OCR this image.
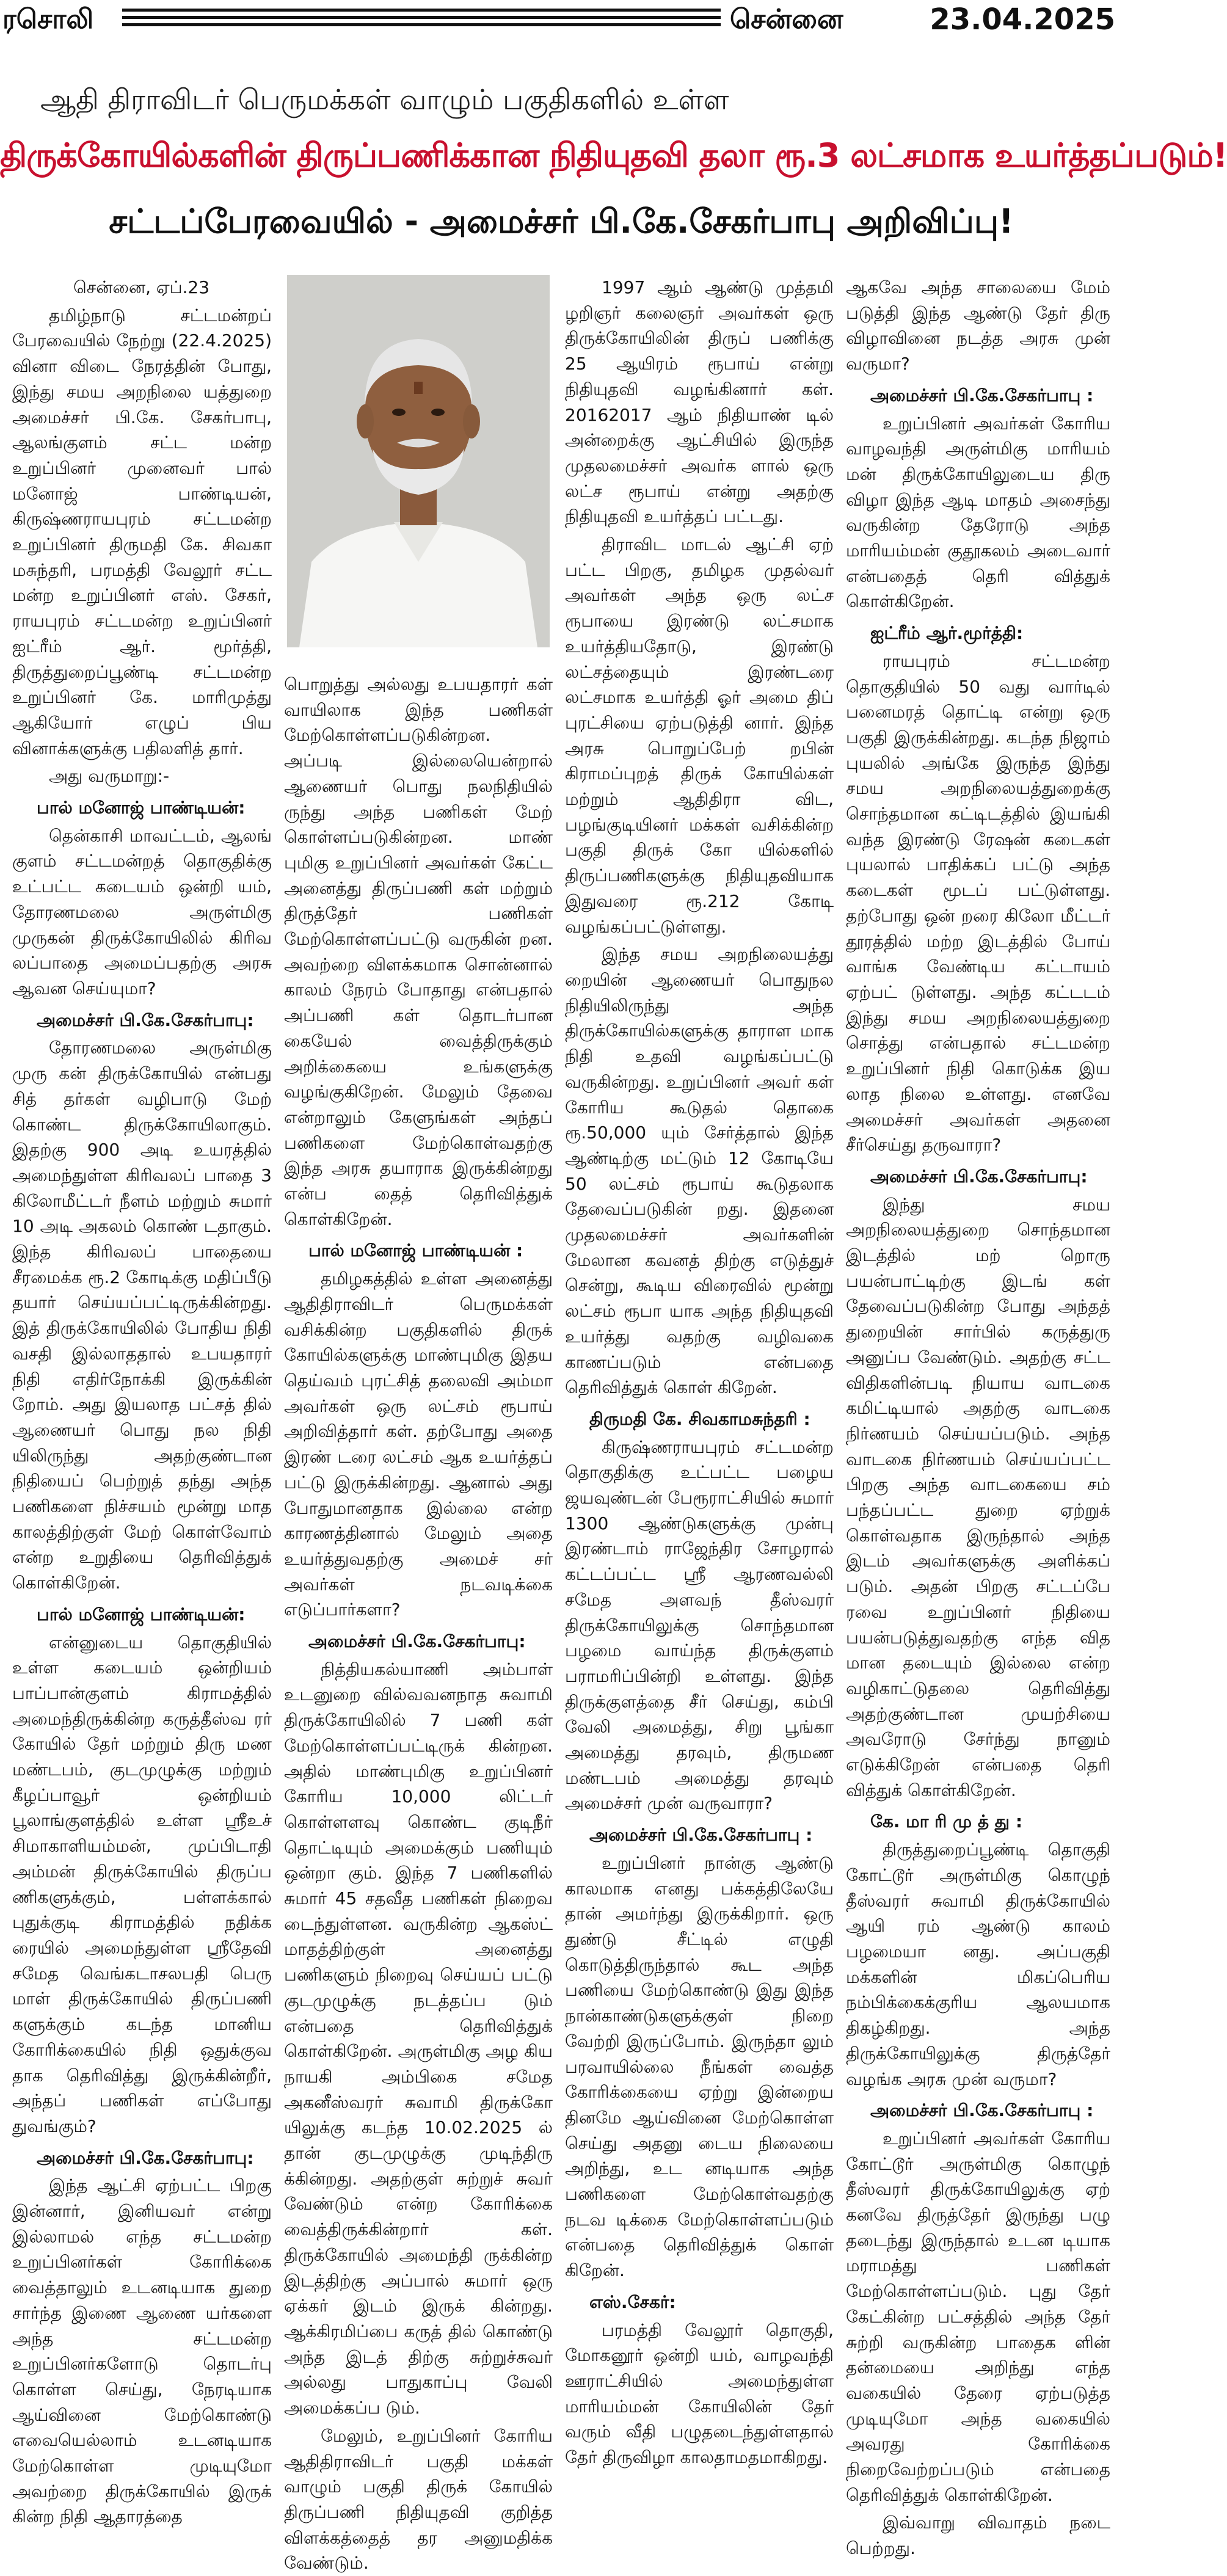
ரசொலி	சென்னை	23.04.2025
ஆதி திராவிடர் பெருமக்கள் வாழும் பகுதிகளில் உள்ள
திருக்கோயில்களின் திருப்பணிக்கான நிதியுதவி தலா ரூ.3 லட்சமாக உயர்த்தப்படும்!
சட்டப்பேரவையில் - அமைச்சர் பி.கே.சேகர்பாபு அறிவிப்பு!

சென்னை, ஏப்.23

தமிழ்நாடு சட்டமன்றப் பேரவையில் நேற்று (22.4.2025) வினா விடை நேரத்தின் போது, இந்து சமய அறநிலை யத்துறை அமைச்சர் பி.கே. சேகர்பாபு, ஆலங்குளம் சட்ட மன்ற உறுப்பினர் முனைவர் பால் மனோஜ் பாண்டியன், கிருஷ்ணராயபுரம் சட்டமன்ற உறுப்பினர் திருமதி கே. சிவகா மசுந்தரி, பரமத்தி வேலூர் சட்ட மன்ற உறுப்பினர் எஸ். சேகர், ராயபுரம் சட்டமன்ற உறுப்பினர் ஐட்ரீம் ஆர். மூர்த்தி, திருத்துறைப்பூண்டி சட்டமன்ற உறுப்பினர் கே. மாரிமுத்து ஆகியோர் எழுப் பிய வினாக்களுக்கு பதிலளித் தார்.

அது வருமாறு:-

பால் மனோஜ் பாண்டியன்:

தென்காசி மாவட்டம், ஆலங் குளம் சட்டமன்றத் தொகுதிக்கு உட்பட்ட கடையம் ஒன்றி யம், தோரணமலை அருள்மிகு முருகன் திருக்கோயிலில் கிரிவ லப்பாதை அமைப்பதற்கு அரசு ஆவன செய்யுமா?

அமைச்சர் பி.கே.சேகர்பாபு:

தோரணமலை அருள்மிகு முரு கன் திருக்கோயில் என்பது சித் தர்கள் வழிபாடு மேற் கொண்ட திருக்கோயிலாகும். இதற்கு 900 அடி உயரத்தில் அமைந்துள்ள கிரிவலப் பாதை 3 கிலோமீட்டர் நீளம் மற்றும் சுமார் 10 அடி அகலம் கொண் டதாகும். இந்த கிரிவலப் பாதையை சீரமைக்க ரூ.2 கோடிக்கு மதிப்பீடு தயார் செய்யப்பட்டிருக்கின்றது. இத் திருக்கோயிலில் போதிய நிதி வசதி இல்லாததால் உபயதாரர் நிதி எதிர்நோக்கி இருக்கின் றோம். அது இயலாத பட்சத் தில் ஆணையர் பொது நல நிதி யிலிருந்து அதற்குண்டான நிதியைப் பெற்றுத் தந்து அந்த பணிகளை நிச்சயம் மூன்று மாத காலத்திற்குள் மேற் கொள்வோம் என்ற உறுதியை தெரிவித்துக் கொள்கிறேன்.

பால் மனோஜ் பாண்டியன்:

என்னுடைய தொகுதியில் உள்ள கடையம் ஒன்றியம் பாப்பான்குளம் கிராமத்தில் அமைந்திருக்கின்ற கருத்தீஸ்வ ரர் கோயில் தேர் மற்றும் திரு மண மண்டபம், குடமுழுக்கு மற்றும் கீழப்பாவூர் ஒன்றியம் பூலாங்குளத்தில் உள்ள ஸ்ரீஉச் சிமாகாளியம்மன், முப்பிடாதி அம்மன் திருக்கோயில் திருப்ப ணிகளுக்கும், பள்ளக்கால் புதுக்குடி கிராமத்தில் நதிக்க ரையில் அமைந்துள்ள ஸ்ரீதேவி சமேத வெங்கடாசலபதி பெரு மாள் திருக்கோயில் திருப்பணி களுக்கும் கடந்த மானிய கோரிக்கையில் நிதி ஒதுக்குவ தாக தெரிவித்து இருக்கின்றீர், அந்தப் பணிகள் எப்போது துவங்கும்?

அமைச்சர் பி.கே.சேகர்பாபு:

இந்த ஆட்சி ஏற்பட்ட பிறகு இன்னார், இனியவர் என்று இல்லாமல் எந்த சட்டமன்ற உறுப்பினர்கள் கோரிக்கை வைத்தாலும் உடனடியாக துறை சார்ந்த இணை ஆணை யர்களை அந்த சட்டமன்ற உறுப்பினர்களோடு தொடர்பு கொள்ள செய்து, நேரடியாக ஆய்வினை மேற்கொண்டு எவையெல்லாம் உடனடியாக மேற்கொள்ள முடியுமோ அவற்றை திருக்கோயில் இருக் கின்ற நிதி ஆதாரத்தை

பொறுத்து அல்லது உபயதாரர் கள் வாயிலாக இந்த பணிகள் மேற்கொள்ளப்படுகின்றன. அப்படி இல்லையென்றால் ஆணையர் பொது நலநிதியில் ருந்து அந்த பணிகள் மேற் கொள்ளப்படுகின்றன. மாண் புமிகு உறுப்பினர் அவர்கள் கேட்ட அனைத்து திருப்பணி கள் மற்றும் திருத்தேர் பணிகள் மேற்கொள்ளப்பட்டு வருகின் றன. அவற்றை விளக்கமாக சொன்னால் காலம் நேரம் போதாது என்பதால் அப்பணி கள் தொடர்பான கையேல் வைத்திருக்கும் அறிக்கையை உங்களுக்கு வழங்குகிறேன். மேலும் தேவை என்றாலும் கேளுங்கள் அந்தப் பணிகளை மேற்கொள்வதற்கு இந்த அரசு தயாராக இருக்கின்றது என்ப தைத் தெரிவித்துக் கொள்கிறேன்.

பால் மனோஜ் பாண்டியன் :

தமிழகத்தில் உள்ள அனைத்து ஆதிதிராவிடர் பெருமக்கள் வசிக்கின்ற பகுதிகளில் திருக் கோயில்களுக்கு மாண்புமிகு இதய தெய்வம் புரட்சித் தலைவி அம்மா அவர்கள் ஒரு லட்சம் ரூபாய் அறிவித்தார் கள். தற்போது அதை இரண் டரை லட்சம் ஆக உயர்த்தப் பட்டு இருக்கின்றது. ஆனால் அது போதுமானதாக இல்லை என்ற காரணத்தினால் மேலும் அதை உயர்த்துவதற்கு அமைச் சர் அவர்கள் நடவடிக்கை எடுப்பார்களா?

அமைச்சர் பி.கே.சேகர்பாபு:

நித்தியகல்யாணி அம்பாள் உடனுறை வில்வவனநாத சுவாமி திருக்கோயிலில் 7 பணி கள் மேற்கொள்ளப்பட்டிருக் கின்றன. அதில் மாண்புமிகு உறுப்பினர் கோரிய 10,000 லிட்டர் கொள்ளளவு கொண்ட குடிநீர் தொட்டியும் அமைக்கும் பணியும் ஒன்றா கும். இந்த 7 பணிகளில் சுமார் 45 சதவீத பணிகள் நிறைவ டைந்துள்ளன. வருகின்ற ஆகஸ்ட் மாதத்திற்குள் அனைத்து பணிகளும் நிறைவு செய்யப் பட்டு குடமுழுக்கு நடத்தப்ப டும் என்பதை தெரிவித்துக் கொள்கிறேன். அருள்மிகு அழ கிய நாயகி அம்பிகை சமேத அகனீஸ்வரர் சுவாமி திருக்கோ யிலுக்கு கடந்த 10.02.2025 ல் தான் குடமுழுக்கு முடிந்திரு க்கின்றது. அதற்குள் சுற்றுச் சுவர் வேண்டும் என்ற கோரிக்கை வைத்திருக்கின்றார் கள். திருக்கோயில் அமைந்தி ருக்கின்ற இடத்திற்கு அப்பால் சுமார் ஒரு ஏக்கர் இடம் இருக் கின்றது. ஆக்கிரமிப்பை கருத் தில் கொண்டு அந்த இடத் திற்கு சுற்றுச்சுவர் அல்லது பாதுகாப்பு வேலி அமைக்கப்ப டும்.

மேலும், உறுப்பினர் கோரிய ஆதிதிராவிடர் பகுதி மக்கள் வாழும் பகுதி திருக் கோயில் திருப்பணி நிதியுதவி குறித்த விளக்கத்தைத் தர அனுமதிக்க வேண்டும்.

1997 ஆம் ஆண்டு முத்தமி ழறிஞர் கலைஞர் அவர்கள் ஒரு திருக்கோயிலின் திருப் பணிக்கு 25 ஆயிரம் ரூபாய் என்று நிதியுதவி வழங்கினார் கள். 20162017 ஆம் நிதியாண் டில் அன்றைக்கு ஆட்சியில் இருந்த முதலமைச்சர் அவர்க ளால் ஒரு லட்ச ரூபாய் என்று அதற்கு நிதியுதவி உயர்த்தப் பட்டது.

திராவிட மாடல் ஆட்சி ஏற் பட்ட பிறகு, தமிழக முதல்வர் அவர்கள் அந்த ஒரு லட்ச ரூபாயை இரண்டு லட்சமாக உயர்த்தியதோடு, இரண்டு லட்சத்தையும் இரண்டரை லட்சமாக உயர்த்தி ஓர் அமை திப் புரட்சியை ஏற்படுத்தி னார். இந்த அரசு பொறுப்பேற் றபின் கிராமப்புறத் திருக் கோயில்கள் மற்றும் ஆதிதிரா விட, பழங்குடியினர் மக்கள் வசிக்கின்ற பகுதி திருக் கோ யில்களில் திருப்பணிகளுக்கு நிதியுதவியாக இதுவரை ரூ.212 கோடி வழங்கப்பட்டுள்ளது.

இந்த சமய அறநிலையத்து றையின் ஆணையர் பொதுநல நிதியிலிருந்து அந்த திருக்கோயில்களுக்கு தாராள மாக நிதி உதவி வழங்கப்பட்டு வருகின்றது. உறுப்பினர் அவர் கள் கோரிய கூடுதல் தொகை ரூ.50,000 யும் சேர்த்தால் இந்த ஆண்டிற்கு மட்டும் 12 கோடியே 50 லட்சம் ரூபாய் கூடுதலாக தேவைப்படுகின் றது. இதனை முதலமைச்சர் அவர்களின் மேலான கவனத் திற்கு எடுத்துச் சென்று, கூடிய விரைவில் மூன்று லட்சம் ரூபா யாக அந்த நிதியுதவி உயர்த்து வதற்கு வழிவகை காணப்படும் என்பதை தெரிவித்துக் கொள் கிறேன்.

திருமதி கே. சிவகாமசுந்தரி :

கிருஷ்ணராயபுரம் சட்டமன்ற தொகுதிக்கு உட்பட்ட பழைய ஜயவுண்டன் பேரூராட்சியில் சுமார் 1300 ஆண்டுகளுக்கு முன்பு இரண்டாம் ராஜேந்திர சோழரால் கட்டப்பட்ட ஸ்ரீ ஆரணவல்லி சமேத அளவந் தீஸ்வரர் திருக்கோயிலுக்கு சொந்தமான பழமை வாய்ந்த திருக்குளம் பராமரிப்பின்றி உள்ளது. இந்த திருக்குளத்தை சீர் செய்து, கம்பி வேலி அமைத்து, சிறு பூங்கா அமைத்து தரவும், திருமண மண்டபம் அமைத்து தரவும் அமைச்சர் முன் வருவாரா?

அமைச்சர் பி.கே.சேகர்பாபு :

உறுப்பினர் நான்கு ஆண்டு காலமாக எனது பக்கத்திலேயே தான் அமர்ந்து இருக்கிறார். ஒரு துண்டு சீட்டில் எழுதி கொடுத்திருந்தால் கூட அந்த பணியை மேற்கொண்டு இது இந்த நான்காண்டுகளுக்குள் நிறை வேற்றி இருப்போம். இருந்தா லும் பரவாயில்லை நீங்கள் வைத்த கோரிக்கையை ஏற்று இன்றைய தினமே ஆய்வினை மேற்கொள்ள செய்து அதனு டைய நிலையை அறிந்து, உட னடியாக அந்த பணிகளை மேற்கொள்வதற்கு நடவ டிக்கை மேற்கொள்ளப்படும் என்பதை தெரிவித்துக் கொள் கிறேன்.

எஸ்.சேகர்:

பரமத்தி வேலூர் தொகுதி, மோகனூர் ஒன்றி யம், வாழவந்தி ஊராட்சியில் அமைந்துள்ள மாரியம்மன் கோயிலின் தேர் வரும் வீதி பழுதடைந்துள்ளதால் தேர் திருவிழா காலதாமதமாகிறது.

ஆகவே அந்த சாலையை மேம் படுத்தி இந்த ஆண்டு தேர் திரு விழாவினை நடத்த அரசு முன் வருமா?

அமைச்சர் பி.கே.சேகர்பாபு :

உறுப்பினர் அவர்கள் கோரிய வாழவந்தி அருள்மிகு மாரியம் மன் திருக்கோயிலுடைய திரு விழா இந்த ஆடி மாதம் அசைந்து வருகின்ற தேரோடு அந்த மாரியம்மன் குதூகலம் அடைவார் என்பதைத் தெரி வித்துக் கொள்கிறேன்.

ஐட்ரீம் ஆர்.மூர்த்தி:

ராயபுரம் சட்டமன்ற தொகுதியில் 50 வது வார்டில் பனைமரத் தொட்டி என்று ஒரு பகுதி இருக்கின்றது. கடந்த நிஜாம் புயலில் அங்கே இருந்த இந்து சமய அறநிலையத்துறைக்கு சொந்தமான கட்டிடத்தில் இயங்கி வந்த இரண்டு ரேஷன் கடைகள் புயலால் பாதிக்கப் பட்டு அந்த கடைகள் மூடப் பட்டுள்ளது. தற்போது ஒன் றரை கிலோ மீட்டர் தூரத்தில் மற்ற இடத்தில் போய் வாங்க வேண்டிய கட்டாயம் ஏற்பட் டுள்ளது. அந்த கட்டடம் இந்து சமய அறநிலையத்துறை சொத்து என்பதால் சட்டமன்ற உறுப்பினர் நிதி கொடுக்க இய லாத நிலை உள்ளது. எனவே அமைச்சர் அவர்கள் அதனை சீர்செய்து தருவாரா?

அமைச்சர் பி.கே.சேகர்பாபு:

இந்து சமய அறநிலையத்துறை சொந்தமான இடத்தில் மற் றொரு பயன்பாட்டிற்கு இடங் கள் தேவைப்படுகின்ற போது அந்தத் துறையின் சார்பில் கருத்துரு அனுப்ப வேண்டும். அதற்கு சட்ட விதிகளின்படி நியாய வாடகை கமிட்டியால் அதற்கு வாடகை நிர்ணயம் செய்யப்படும். அந்த வாடகை நிர்ணயம் செய்யப்பட்ட பிறகு அந்த வாடகையை சம் பந்தப்பட்ட துறை ஏற்றுக் கொள்வதாக இருந்தால் அந்த இடம் அவர்களுக்கு அளிக்கப் படும். அதன் பிறகு சட்டப்பே ரவை உறுப்பினர் நிதியை பயன்படுத்துவதற்கு எந்த வித மான தடையும் இல்லை என்ற வழிகாட்டுதலை தெரிவித்து அதற்குண்டான முயற்சியை அவரோடு சேர்ந்து நானும் எடுக்கிறேன் என்பதை தெரி வித்துக் கொள்கிறேன்.

கே. மா ரி மு த் து :

திருத்துறைப்பூண்டி தொகுதி கோட்டூர் அருள்மிகு கொழுந் தீஸ்வரர் சுவாமி திருக்கோயில் ஆயி ரம் ஆண்டு காலம் பழமையா னது. அப்பகுதி மக்களின் மிகப்பெரிய நம்பிக்கைக்குரிய ஆலயமாக திகழ்கிறது. அந்த திருக்கோயிலுக்கு திருத்தேர் வழங்க அரசு முன் வருமா?

அமைச்சர் பி.கே.சேகர்பாபு :

உறுப்பினர் அவர்கள் கோரிய கோட்டூர் அருள்மிகு கொழுந் தீஸ்வரர் திருக்கோயிலுக்கு ஏற் கனவே திருத்தேர் இருந்து பழு தடைந்து இருந்தால் உடன டியாக மராமத்து பணிகள் மேற்கொள்ளப்படும். புது தேர் கேட்கின்ற பட்சத்தில் அந்த தேர் சுற்றி வருகின்ற பாதைக ளின் தன்மையை அறிந்து எந்த வகையில் தேரை ஏற்படுத்த முடியுமோ அந்த வகையில் அவரது கோரிக்கை நிறைவேற்றப்படும் என்பதை தெரிவித்துக் கொள்கிறேன்.

இவ்வாறு விவாதம் நடை பெற்றது.
